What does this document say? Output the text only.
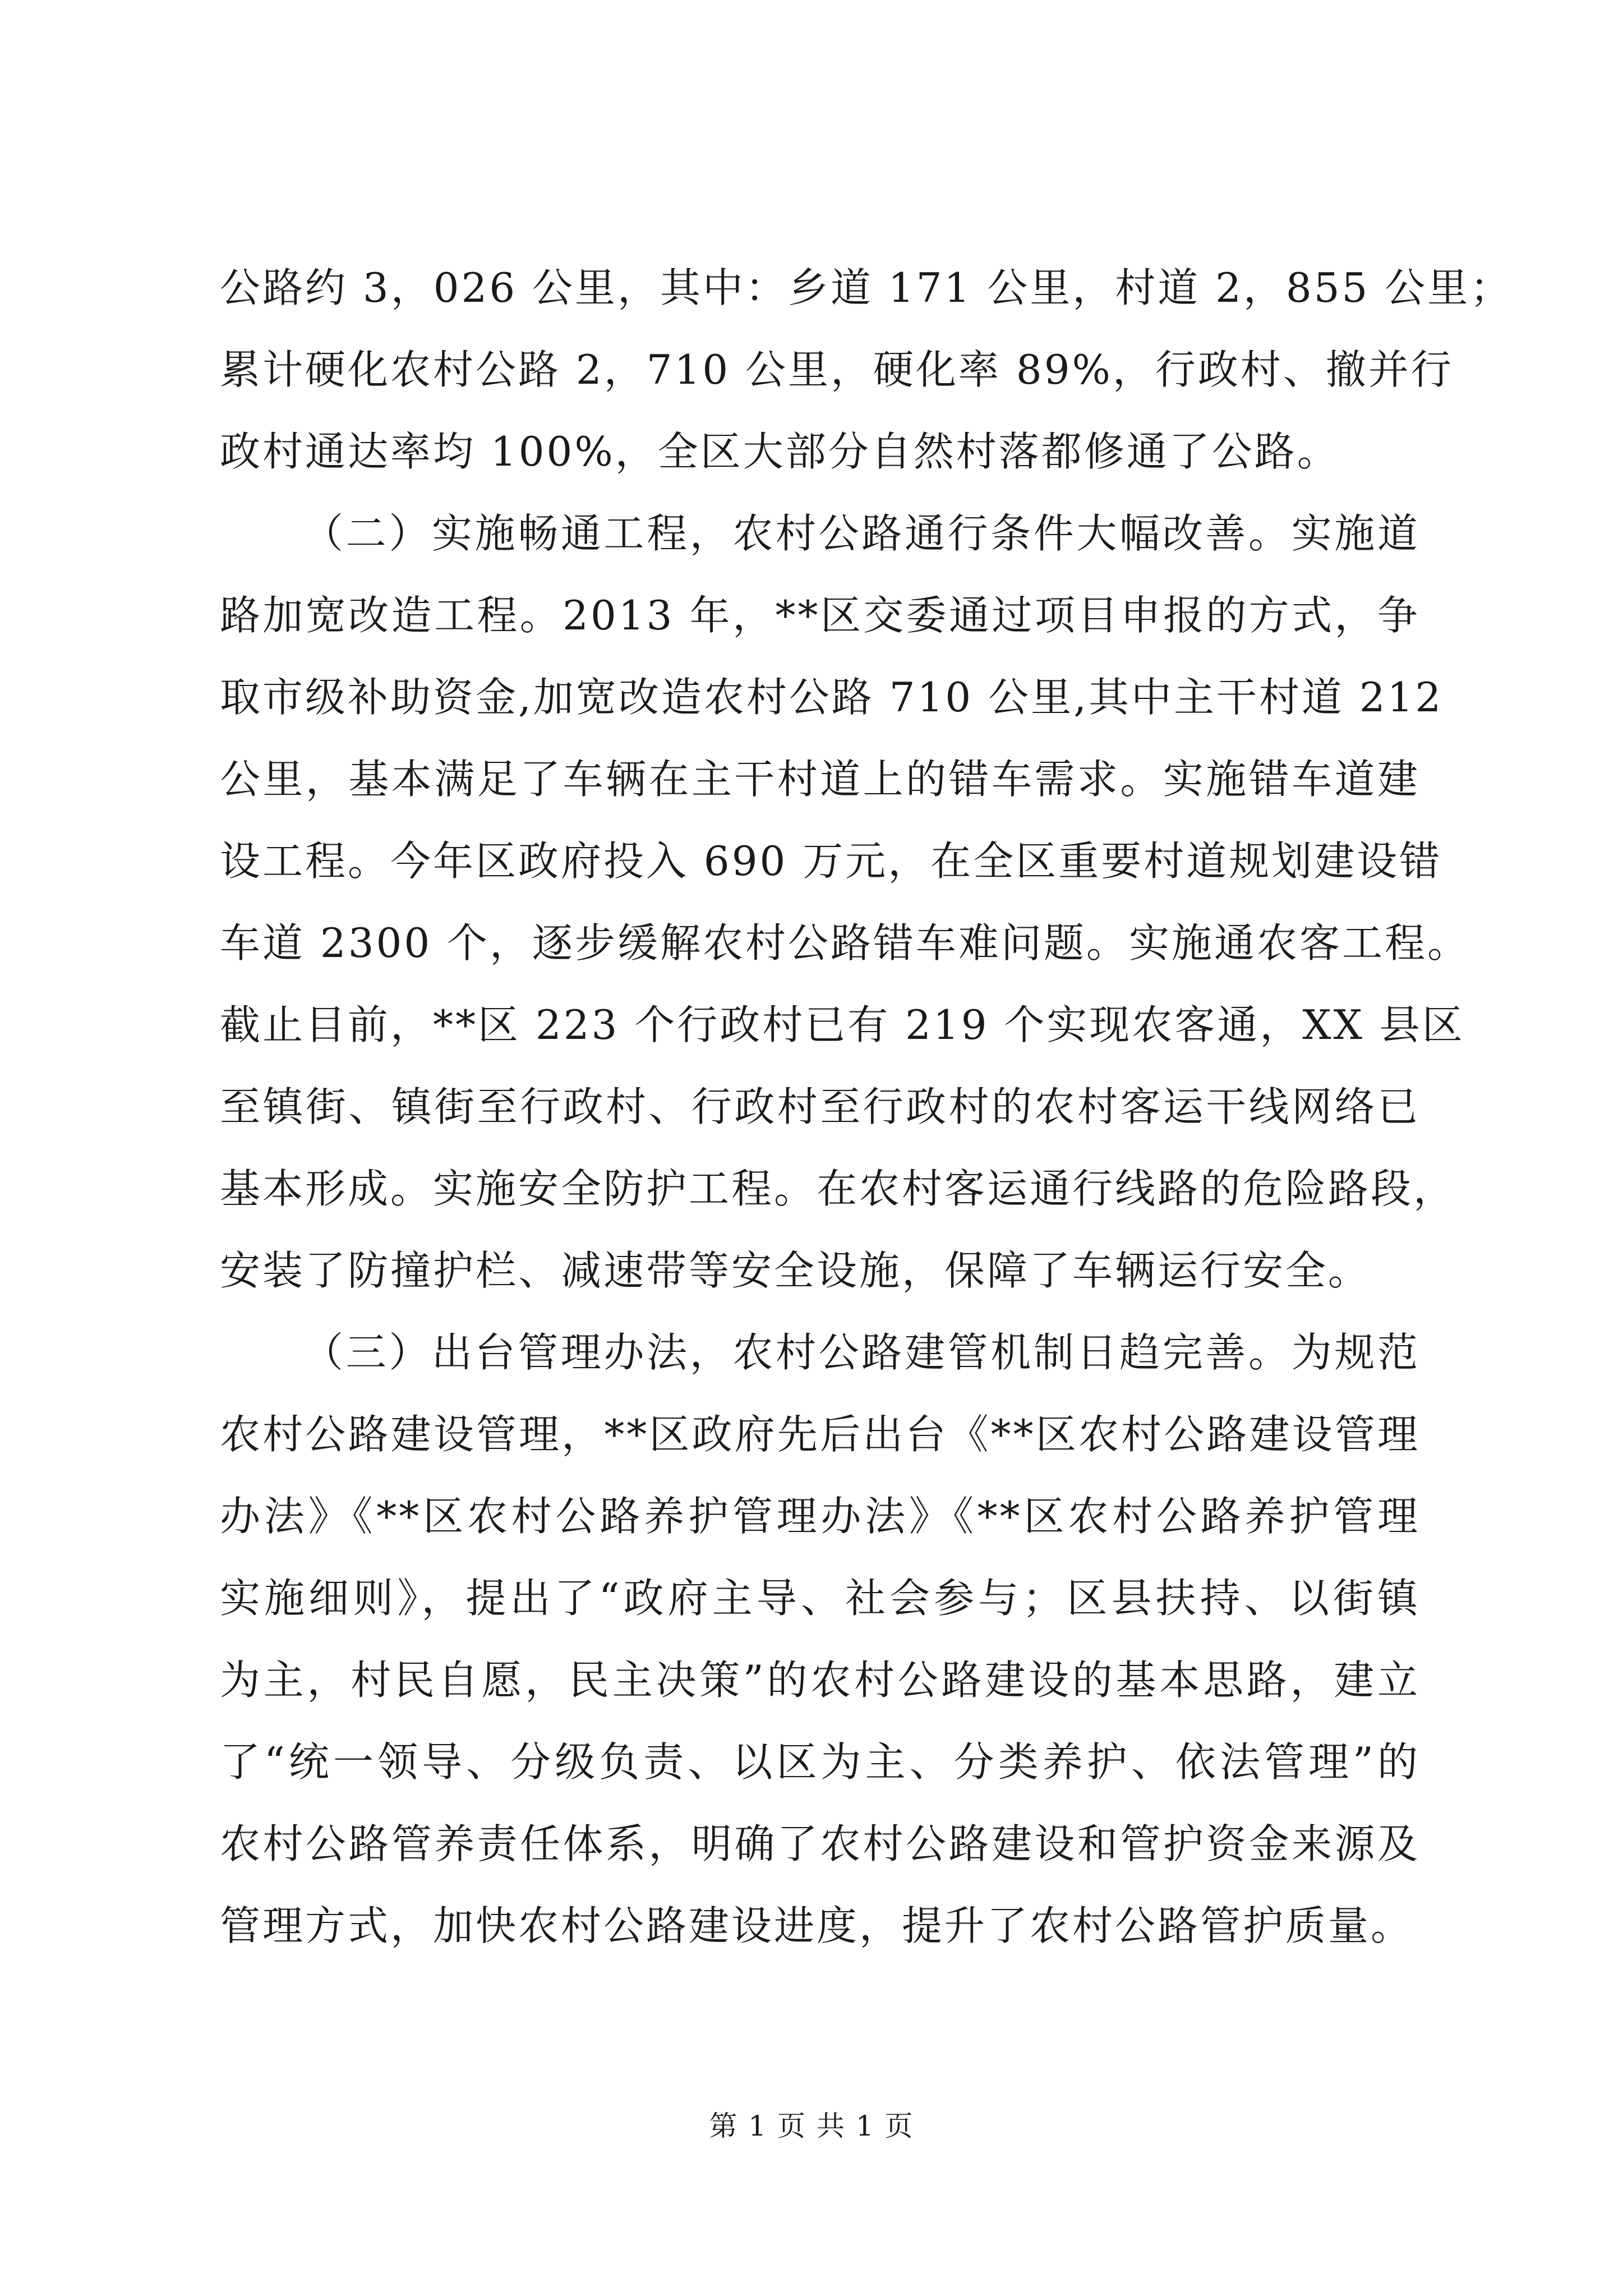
公路约 3，026 公里，其中：乡道 171 公里，村道 2，855 公里；
累计硬化农村公路 2，710 公里，硬化率 89%，行政村、撤并行
政村通达率均 100%，全区大部分自然村落都修通了公路。
（二）实施畅通工程，农村公路通行条件大幅改善。实施道
路加宽改造工程。2013 年，**区交委通过项目申报的方式，争
取市级补助资金,加宽改造农村公路 710 公里,其中主干村道 212
公里，基本满足了车辆在主干村道上的错车需求。实施错车道建
设工程。今年区政府投入 690 万元，在全区重要村道规划建设错
车道 2300 个，逐步缓解农村公路错车难问题。实施通农客工程。
截止目前，**区 223 个行政村已有 219 个实现农客通，XX 县区
至镇街、镇街至行政村、行政村至行政村的农村客运干线网络已
基本形成。实施安全防护工程。在农村客运通行线路的危险路段，
安装了防撞护栏、减速带等安全设施，保障了车辆运行安全。
（三）出台管理办法，农村公路建管机制日趋完善。为规范
农村公路建设管理，**区政府先后出台《**区农村公路建设管理
办法》《**区农村公路养护管理办法》《**区农村公路养护管理
实施细则》，提出了“政府主导、社会参与；区县扶持、以街镇
为主，村民自愿，民主决策”的农村公路建设的基本思路，建立
了“统一领导、分级负责、以区为主、分类养护、依法管理”的
农村公路管养责任体系，明确了农村公路建设和管护资金来源及
管理方式，加快农村公路建设进度，提升了农村公路管护质量。
第 1 页 共 1 页
